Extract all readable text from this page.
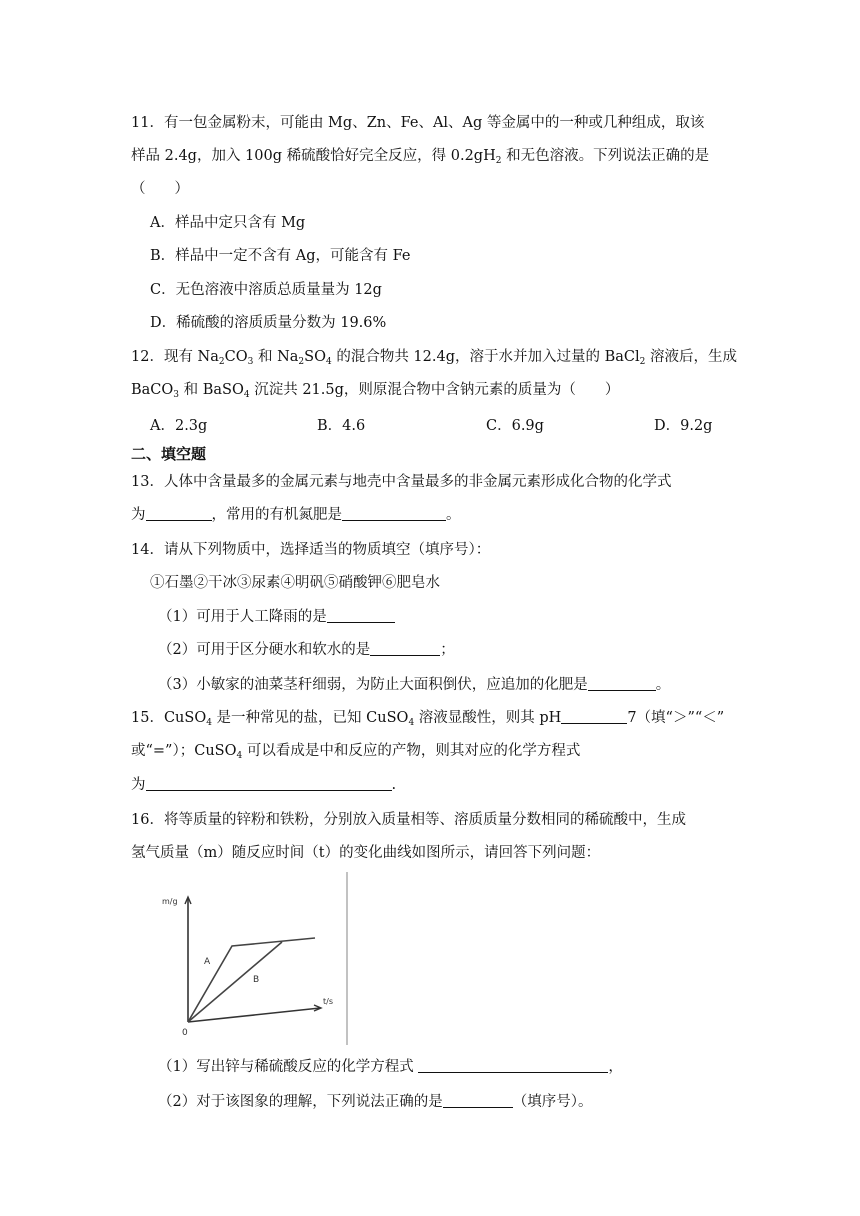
11．有一包金属粉末，可能由 Mg、Zn、Fe、Al、Ag 等金属中的一种或几种组成，取该
样品 2.4g，加入 100g 稀硫酸恰好完全反应，得 $0.2gH_2$ 和无色溶液。下列说法正确的是
（　　）
A．样品中定只含有 Mg
B．样品中一定不含有 Ag，可能含有 Fe
C．无色溶液中溶质总质量量为 12g
D．稀硫酸的溶质质量分数为 19.6%
12．现有 $Na_2CO_3$ 和 $Na_2SO_4$ 的混合物共 12.4g，溶于水并加入过量的 BaCl$_2$ 溶液后，生成
BaCO$_3$ 和 BaSO$_4$ 沉淀共 21.5g，则原混合物中含钠元素的质量为（　　）
A．2.3g	B．4.6	C．6.9g	D．9.2g
二、填空题
13．人体中含量最多的金属元素与地壳中含量最多的非金属元素形成化合物的化学式
为	，常用的有机氮肥是	。
14．请从下列物质中，选择适当的物质填空（填序号）：
①石墨②干冰③尿素④明矾⑤硝酸钾⑥肥皂水
（1）可用于人工降雨的是
（2）可用于区分硬水和软水的是	；
（3）小敏家的油菜茎秆细弱，为防止大面积倒伏，应追加的化肥是	。
15．CuSO$_4$ 是一种常见的盐，已知 CuSO$_4$ 溶液显酸性，则其 pH	7（填“＞”“＜”
或“=”）；CuSO$_4$ 可以看成是中和反应的产物，则其对应的化学方程式
为	.
16．将等质量的锌粉和铁粉，分别放入质量相等、溶质质量分数相同的稀硫酸中，生成
氢气质量（m）随反应时间（t）的变化曲线如图所示，请回答下列问题：
m/g
t/s
0
A
B
（1）写出锌与稀硫酸反应的化学方程式	，
（2）对于该图象的理解，下列说法正确的是	（填序号）。
